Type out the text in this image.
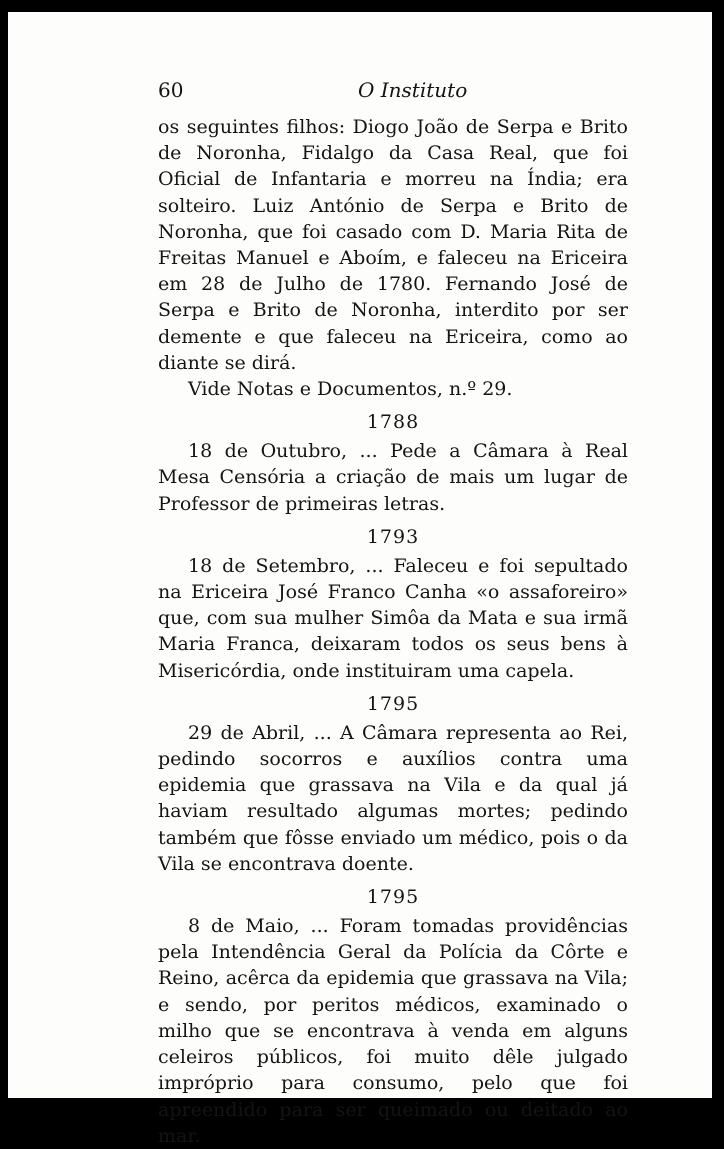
60	O Instituto

os seguintes filhos: Diogo João de Serpa e Brito de Noronha, Fidalgo da Casa Real, que foi Oficial de Infantaria e morreu na Índia; era solteiro. Luiz António de Serpa e Brito de Noronha, que foi casado com D. Maria Rita de Freitas Manuel e Aboím, e faleceu na Ericeira em 28 de Julho de 1780. Fernando José de Serpa e Brito de Noronha, interdito por ser demente e que faleceu na Ericeira, como ao diante se dirá.

Vide Notas e Documentos, n.º 29.

1788

18 de Outubro, ... Pede a Câmara à Real Mesa Censória a criação de mais um lugar de Professor de primeiras letras.

1793

18 de Setembro, ... Faleceu e foi sepultado na Ericeira José Franco Canha «o assaforeiro» que, com sua mulher Simôa da Mata e sua irmã Maria Franca, deixaram todos os seus bens à Misericórdia, onde instituiram uma capela.

1795

29 de Abril, ... A Câmara representa ao Rei, pedindo socorros e auxílios contra uma epidemia que grassava na Vila e da qual já haviam resultado algumas mortes; pedindo também que fôsse enviado um médico, pois o da Vila se encontrava doente.

1795

8 de Maio, ... Foram tomadas providências pela Intendência Geral da Polícia da Côrte e Reino, acêrca da epidemia que grassava na Vila; e sendo, por peritos médicos, examinado o milho que se encontrava à venda em alguns celeiros públicos, foi muito dêle julgado impróprio para consumo, pelo que foi apreendido para ser queimado ou deitado ao mar.
